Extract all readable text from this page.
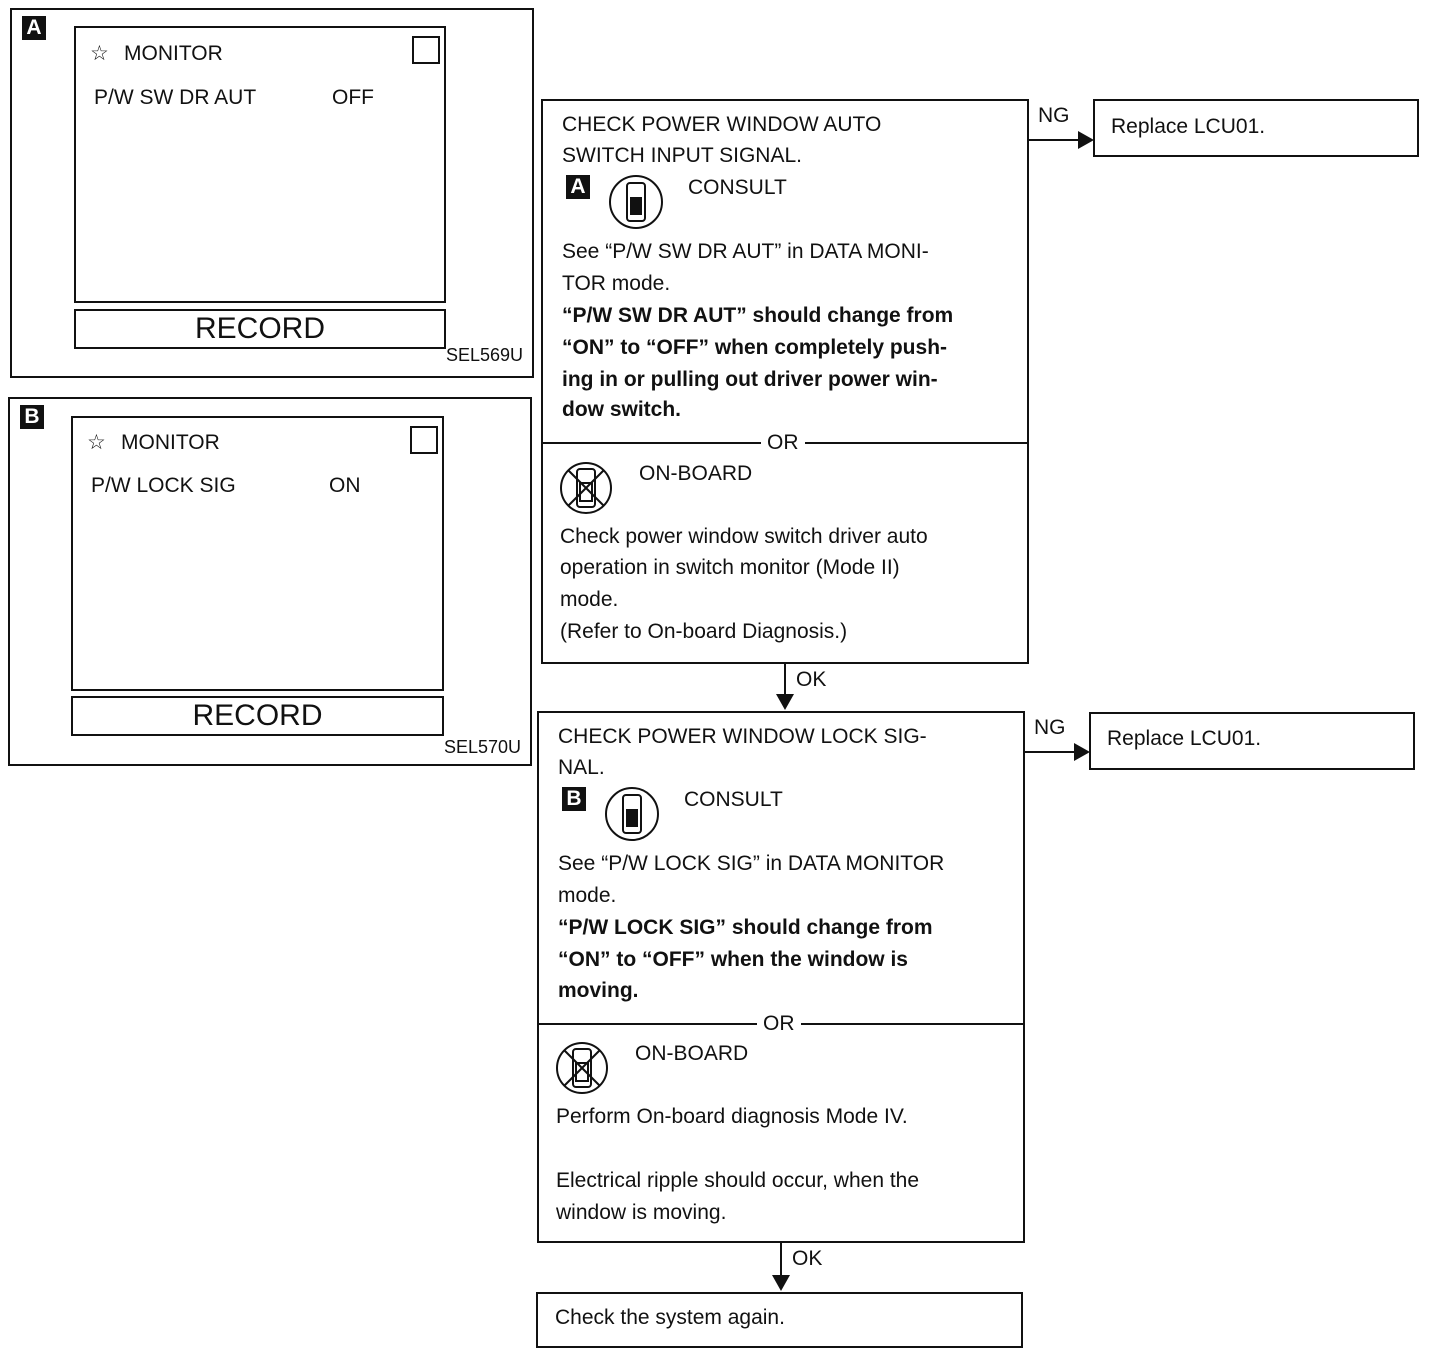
A
☆ MONITOR
P/W SW DR AUT	OFF
RECORD
SEL569U
B
☆ MONITOR
P/W LOCK SIG	ON
RECORD
SEL570U
CHECK POWER WINDOW AUTO
SWITCH INPUT SIGNAL.
A	CONSULT
See “P/W SW DR AUT” in DATA MONI-
TOR mode.
“P/W SW DR AUT” should change from
“ON” to “OFF” when completely push-
ing in or pulling out driver power win-
dow switch.
OR
ON-BOARD
Check power window switch driver auto
operation in switch monitor (Mode II)
mode.
(Refer to On-board Diagnosis.)
NG Replace LCU01.
OK
CHECK POWER WINDOW LOCK SIG-
NAL.
B	CONSULT
See “P/W LOCK SIG” in DATA MONITOR
mode.
“P/W LOCK SIG” should change from
“ON” to “OFF” when the window is
moving.
OR
ON-BOARD
Perform On-board diagnosis Mode IV.
Electrical ripple should occur, when the
window is moving.
NG Replace LCU01.
OK
Check the system again.
